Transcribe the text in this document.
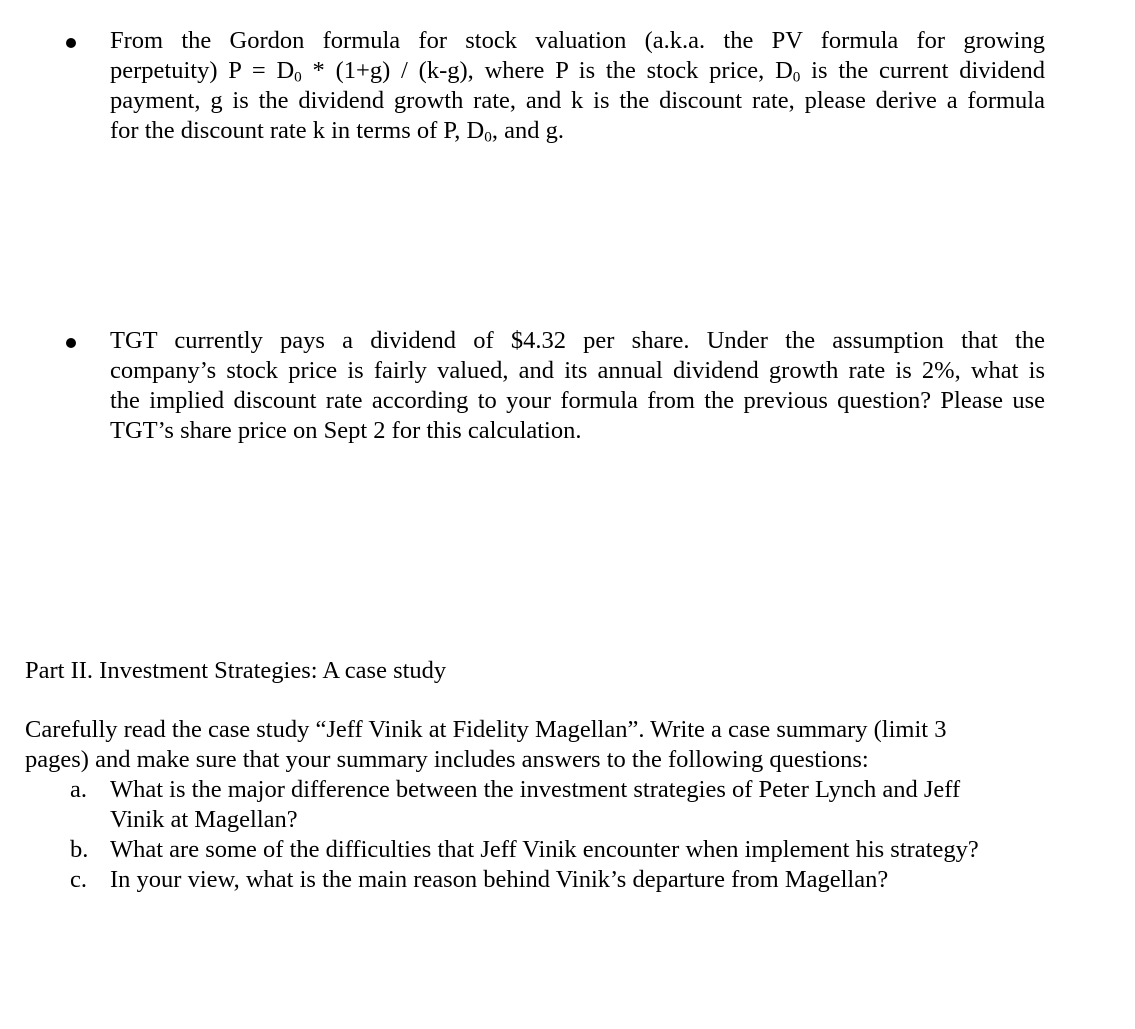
From the Gordon formula for stock valuation (a.k.a. the PV formula for growing
perpetuity) $P = D_0 * (1+g) / (k-g)$, where P is the stock price, $D_0$ is the current dividend
payment, g is the dividend growth rate, and k is the discount rate, please derive a formula
for the discount rate k in terms of P, $D_0$, and g.
TGT currently pays a dividend of $4.32 per share. Under the assumption that the
company’s stock price is fairly valued, and its annual dividend growth rate is 2%, what is
the implied discount rate according to your formula from the previous question? Please use
TGT’s share price on Sept 2 for this calculation.
Part II. Investment Strategies: A case study
Carefully read the case study “Jeff Vinik at Fidelity Magellan”. Write a case summary (limit 3
pages) and make sure that your summary includes answers to the following questions:
a. What is the major difference between the investment strategies of Peter Lynch and Jeff
Vinik at Magellan?
b. What are some of the difficulties that Jeff Vinik encounter when implement his strategy?
c. In your view, what is the main reason behind Vinik’s departure from Magellan?
